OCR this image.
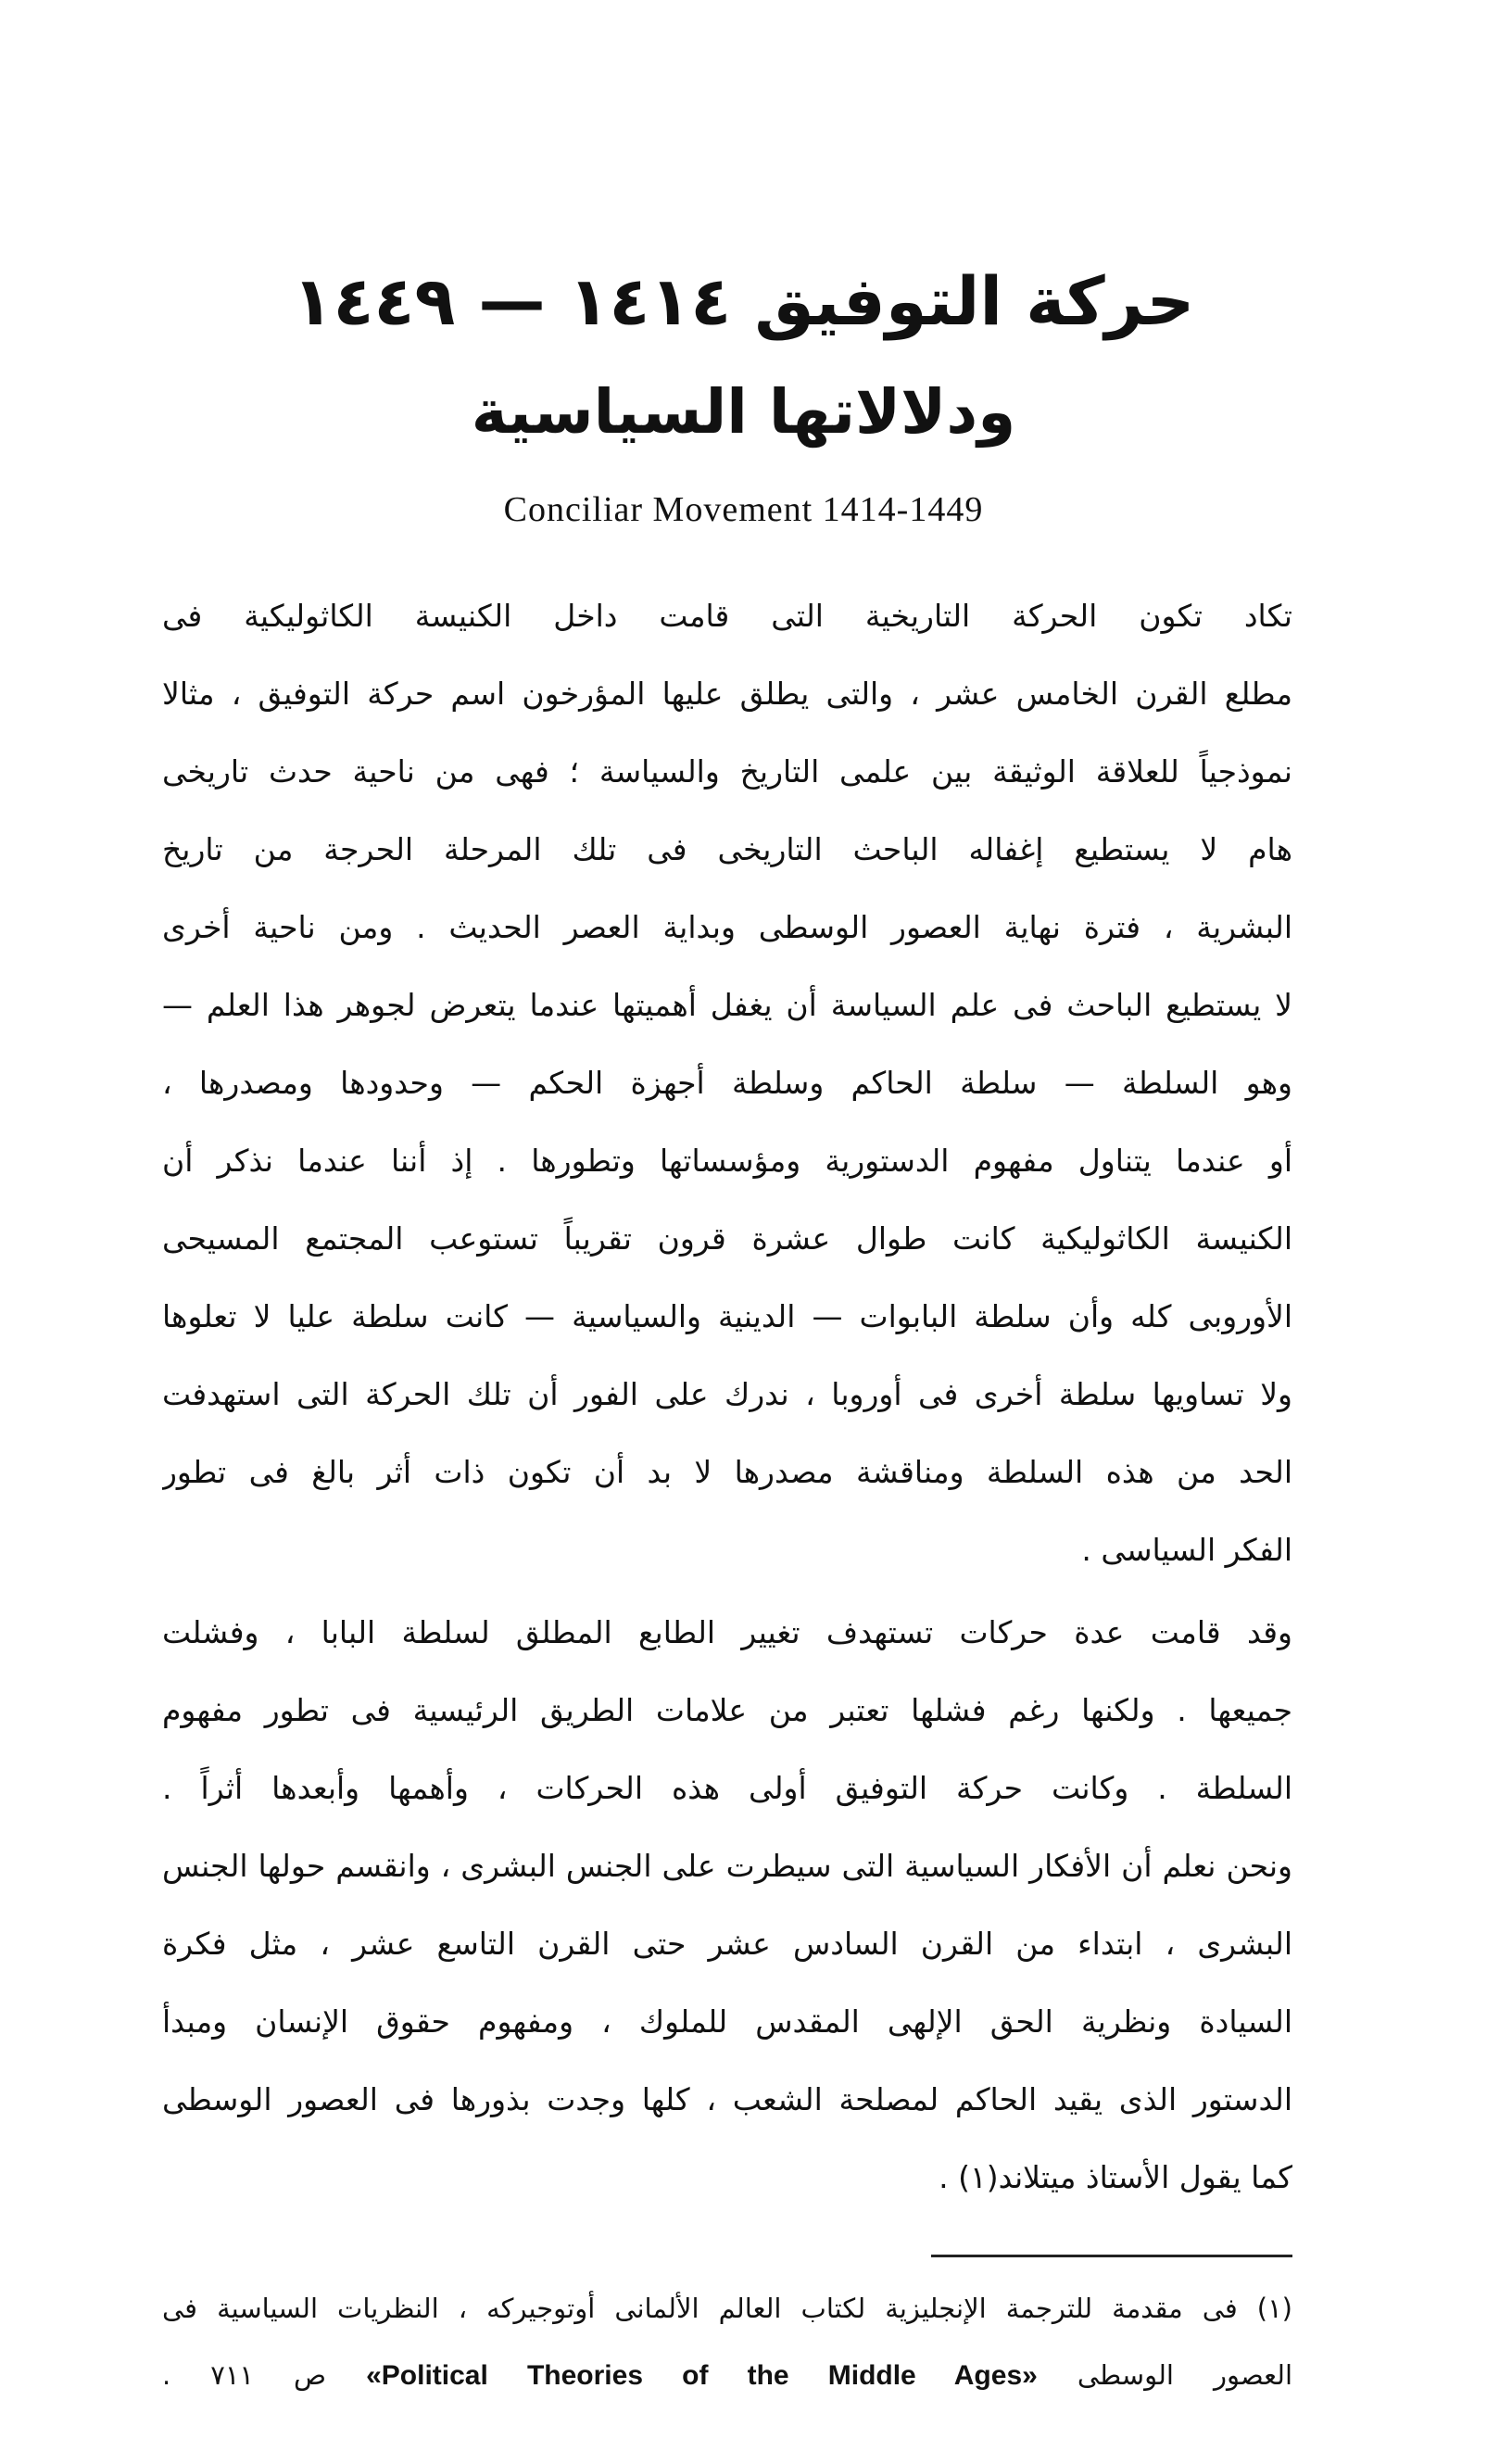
حركة التوفيق ١٤١٤ — ١٤٤٩
ودلالاتها السياسية
Conciliar Movement 1414-1449
تكاد تكون الحركة التاريخية التى قامت داخل الكنيسة الكاثوليكية فى
مطلع القرن الخامس عشر ، والتى يطلق عليها المؤرخون اسم حركة التوفيق ، مثالا
نموذجياً للعلاقة الوثيقة بين علمى التاريخ والسياسة ؛ فهى من ناحية حدث تاريخى
هام لا يستطيع إغفاله الباحث التاريخى فى تلك المرحلة الحرجة من تاريخ
البشرية ، فترة نهاية العصور الوسطى وبداية العصر الحديث . ومن ناحية أخرى
لا يستطيع الباحث فى علم السياسة أن يغفل أهميتها عندما يتعرض لجوهر هذا العلم —
وهو السلطة — سلطة الحاكم وسلطة أجهزة الحكم — وحدودها ومصدرها ،
أو عندما يتناول مفهوم الدستورية ومؤسساتها وتطورها . إذ أننا عندما نذكر أن
الكنيسة الكاثوليكية كانت طوال عشرة قرون تقريباً تستوعب المجتمع المسيحى
الأوروبى كله وأن سلطة البابوات — الدينية والسياسية — كانت سلطة عليا لا تعلوها
ولا تساويها سلطة أخرى فى أوروبا ، ندرك على الفور أن تلك الحركة التى استهدفت
الحد من هذه السلطة ومناقشة مصدرها لا بد أن تكون ذات أثر بالغ فى تطور
الفكر السياسى .
وقد قامت عدة حركات تستهدف تغيير الطابع المطلق لسلطة البابا ، وفشلت
جميعها . ولكنها رغم فشلها تعتبر من علامات الطريق الرئيسية فى تطور مفهوم
السلطة . وكانت حركة التوفيق أولى هذه الحركات ، وأهمها وأبعدها أثراً .
ونحن نعلم أن الأفكار السياسية التى سيطرت على الجنس البشرى ، وانقسم حولها الجنس
البشرى ، ابتداء من القرن السادس عشر حتى القرن التاسع عشر ، مثل فكرة
السيادة ونظرية الحق الإلهى المقدس للملوك ، ومفهوم حقوق الإنسان ومبدأ
الدستور الذى يقيد الحاكم لمصلحة الشعب ، كلها وجدت بذورها فى العصور الوسطى
كما يقول الأستاذ ميتلاند(١) .
(١) فى مقدمة للترجمة الإنجليزية لكتاب العالم الألمانى أوتوجيركه ، النظريات السياسية فى
العصور الوسطى «Political Theories of the Middle Ages» ص ٧١١ .
